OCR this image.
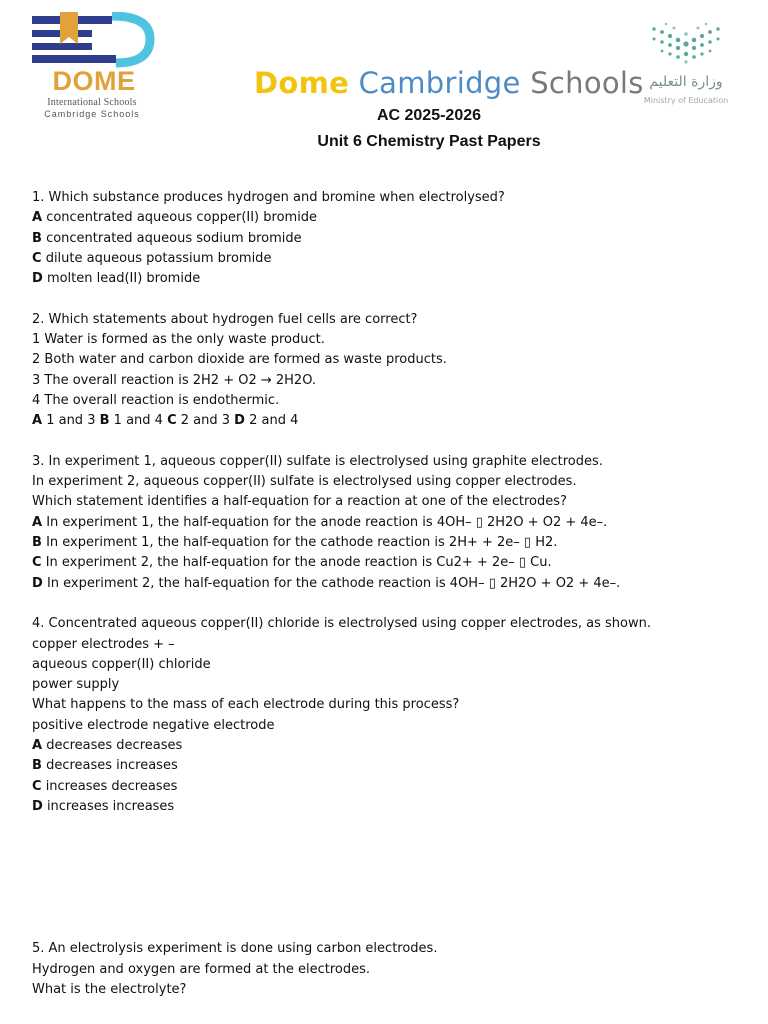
DOME
International Schools
Cambridge Schools
Dome Cambridge Schools وزارة التعليم
Ministry of Education
AC 2025-2026
Unit 6 Chemistry Past Papers
1. Which substance produces hydrogen and bromine when electrolysed?
A concentrated aqueous copper(II) bromide
B concentrated aqueous sodium bromide
C dilute aqueous potassium bromide
D molten lead(II) bromide
2. Which statements about hydrogen fuel cells are correct?
1 Water is formed as the only waste product.
2 Both water and carbon dioxide are formed as waste products.
3 The overall reaction is 2H2 + O2 → 2H2O.
4 The overall reaction is endothermic.
A 1 and 3 B 1 and 4 C 2 and 3 D 2 and 4
3. In experiment 1, aqueous copper(II) sulfate is electrolysed using graphite electrodes.
In experiment 2, aqueous copper(II) sulfate is electrolysed using copper electrodes.
Which statement identifies a half-equation for a reaction at one of the electrodes?
A In experiment 1, the half-equation for the anode reaction is 4OH– ▯ 2H2O + O2 + 4e–.
B In experiment 1, the half-equation for the cathode reaction is 2H+ + 2e– ▯ H2.
C In experiment 2, the half-equation for the anode reaction is Cu2+ + 2e– ▯ Cu.
D In experiment 2, the half-equation for the cathode reaction is 4OH– ▯ 2H2O + O2 + 4e–.
4. Concentrated aqueous copper(II) chloride is electrolysed using copper electrodes, as shown.
copper electrodes + –
aqueous copper(II) chloride
power supply
What happens to the mass of each electrode during this process?
positive electrode negative electrode
A decreases decreases
B decreases increases
C increases decreases
D increases increases
5. An electrolysis experiment is done using carbon electrodes.
Hydrogen and oxygen are formed at the electrodes.
What is the electrolyte?
